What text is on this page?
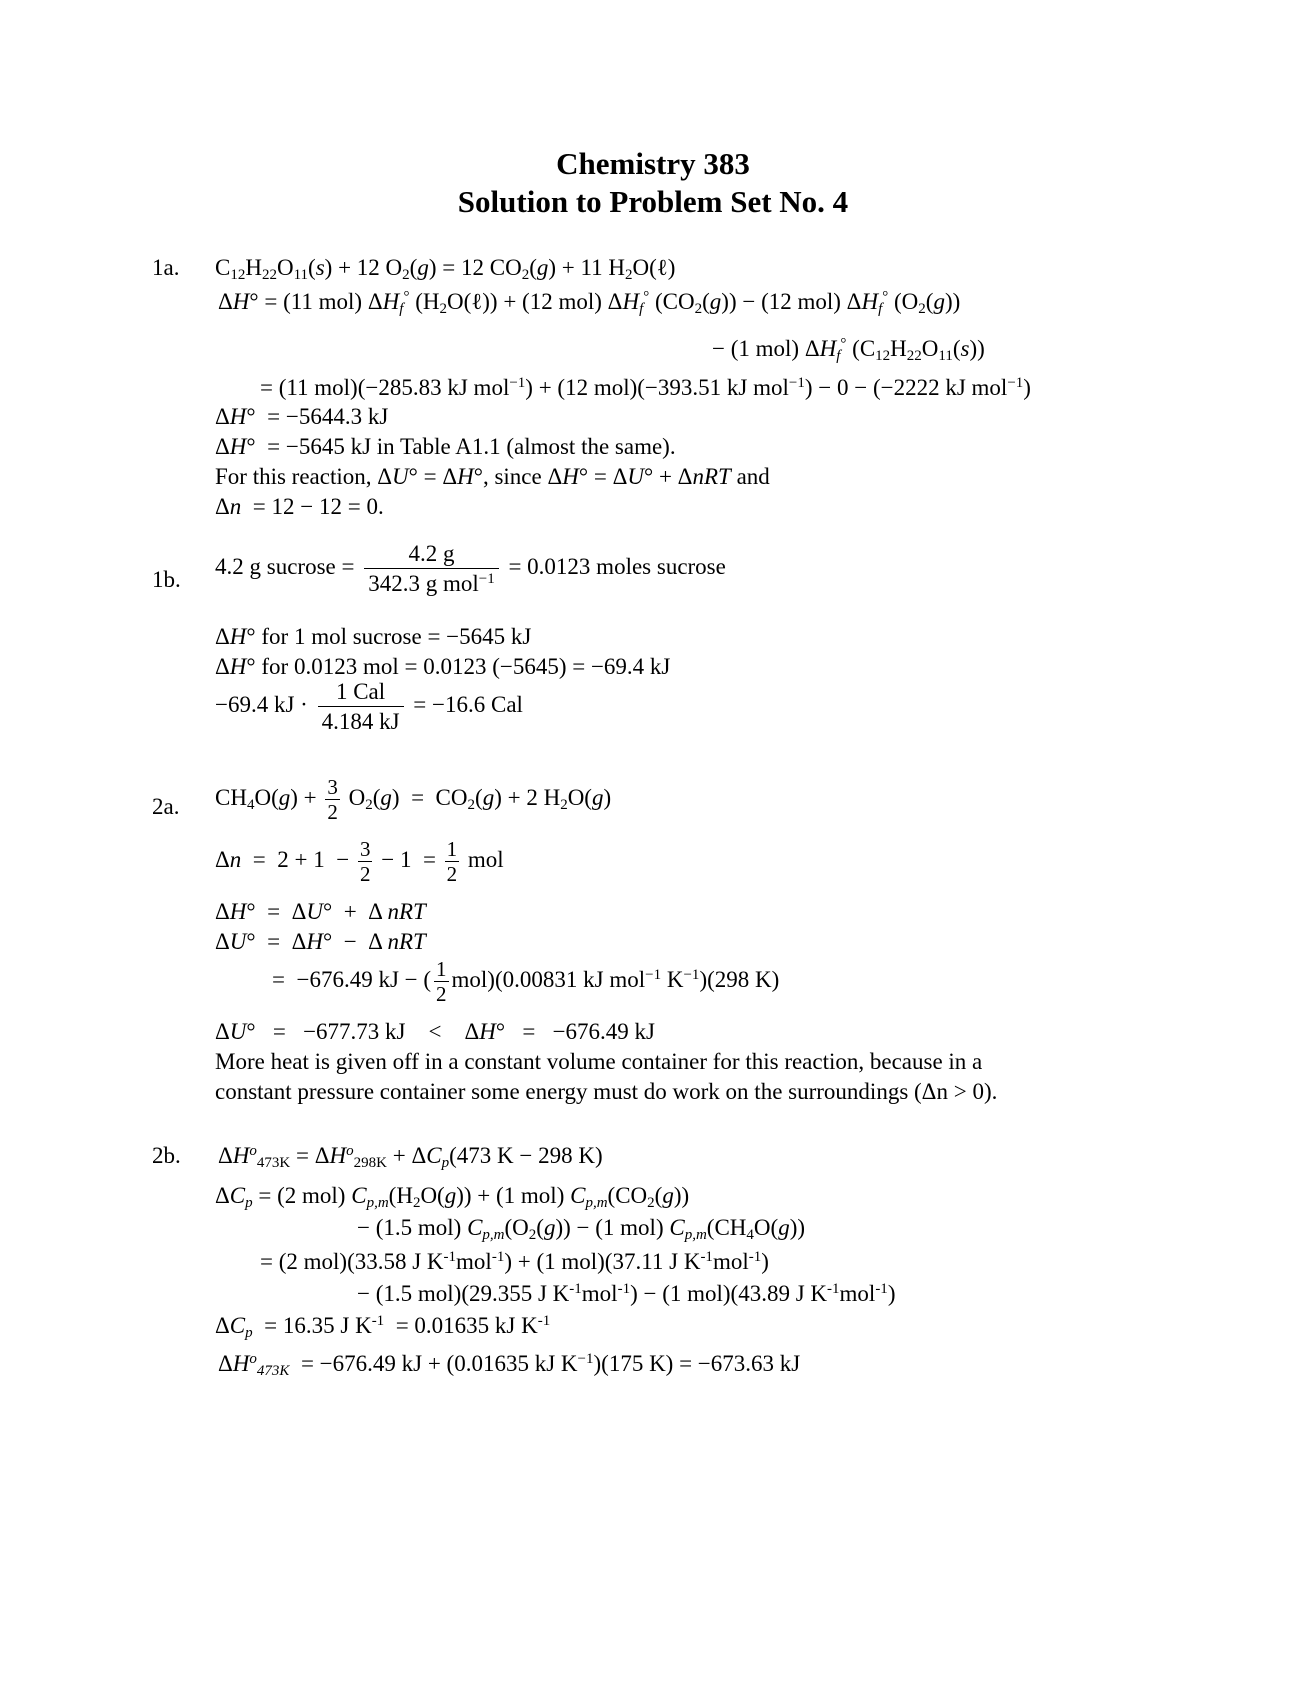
Chemistry 383
Solution to Problem Set No. 4
1a. $C_{12}H_{22}O_{11}(s) + 12$ $O_2(g) = 12$ $CO_2(g) + 11$ $H_2O(\ell)$
ΔH° = (11 mol) $\Delta H_f^\circ$ $(H_2O(\ell)) + (12$ mol) $\Delta H_f^\circ$ $(CO_2(g)) - (12$ mol) $\Delta H_f^\circ$ $(O_2(g))$
− (1 mol) $\Delta H_f^\circ$ $(C_{12}H_{22}O_{11}(s))$
= (11 mol)(−285.83 kJ mol$^{-1}$) + (12 mol)(−393.51 kJ mol$^{-1}$) − 0 − (−2222 kJ mol$^{-1}$)
ΔH°  = −5644.3 kJ
ΔH°  = −5645 kJ in Table A1.1 (almost the same).
For this reaction, ΔU° = ΔH°, since ΔH° = ΔU° + ΔnRT and
Δn = 12 − 12 = 0.
1b.
4.2 g sucrose = $\frac{4.2 g}{342.3 g mol^{-1}} = 0.0123$ moles sucrose
ΔH° for 1 mol sucrose = −5645 kJ
ΔH° for 0.0123 mol = 0.0123 (−5645) = −69.4 kJ
−69.4 kJ · $\frac{\text{1 Cal}}{4.184 kJ} = -16.6$ Cal
2a. $CH_4O(g) + \frac{3}{2} O_2(g) = CO_2(g) + 2$ $H_2O(g)$
$\Delta n = 2 + 1 - \frac{3}{2} - 1 = \frac{1}{2}$ mol
ΔH°  =  ΔU°  +  Δ nRT
ΔU°  =  ΔH°  −  Δ nRT
=  −676.49 kJ − ( $\frac{1}{2} mol)(0.00831$ kJ mol$^{-1}$ $K^{-1})(298$ K)
ΔU°   =   −677.73 kJ    <    ΔH°   =   −676.49 kJ
More heat is given off in a constant volume container for this reaction, because in a
constant pressure container some energy must do work on the surroundings (Δn > 0).
2b. $\Delta H^o_{473K} = \Delta H^o_{298K} + \Delta C_p(473$ K − 298 K)
$\Delta C_p = (2$ mol) $C_{p,m}(H_2O(g)) + (1$ mol) $C_{p,m}(CO_2(g))$
− (1.5 mol) $C_{p,m}(O_2(g)) - (1$ mol) $C_{p,m}(CH_4O(g))$
= (2 mol)(33.58 J $K^{-1}mol^{-1}) + (1$ mol)(37.11 J $K^{-1}mol^{-1}$)
− (1.5 mol)(29.355 J $K^{-1}mol^{-1}) - (1$ mol)(43.89 J $K^{-1}mol^{-1}$)
$\Delta C_p = 16.35$ J $K^{-1} = 0.01635$ kJ $K^{-1}$
$\Delta H^o_{473K} = -676.49$ kJ + (0.01635 kJ $K^{-1})(175$ K) = −673.63 kJ
